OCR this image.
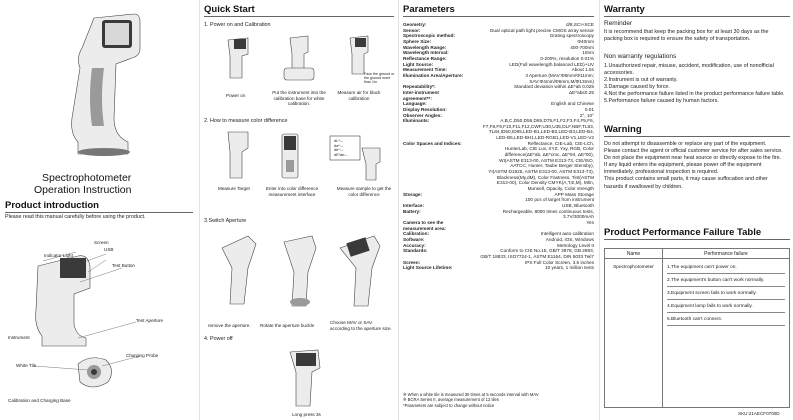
Spectrophotometer
Operation Instruction
Product introduction
Please read this manual carefully before using the product.
Indicator Light
Screen
USB
Test Button
Test Aperture
Instrument
White Tile
Charging Probe
Calibration and Charging Base
Quick Start
1. Power on and Calibration
Power on
Put the instrument into the calibration base for white calibration.
Measure air for black calibration
Face the ground or the ground more than 1m
2. How to measure color difference
dL*:--
da*:--
db*:--
dE*ab:--
Measure Target	Enter into color difference measurement interface
Measure sample to get the color difference
3.Switch Aperture
remove the aperture. Rotate the aperture buckle
Choose MAV or SAV according to the aperture size.
4. Power off
Long press 3s
Parameters
Geometry:	d/8,SCI+SCE
Sensor:	Dual optical path light precise CMOS array sensor
Spectroscopic method:	Grating spectroscopy
Sphere Size:	Φ40mm
Wavelength Range:	400-700nm
Wavelength Interval:	10nm
Reflectance Range:	0-200%, resolution 0.01%
Light Source:	LED(Full wavelength balanced LED)+UV
Measurement Time:	About 1.5s
Illumination Area/Aperture:	3 Aperture (MAV:Φ8mm/Φ11mm;
SAV:Φ4mm/Φ6mm,M/Φ13mm)
Repeatability*:	Standard deviation within ΔE*ab 0.025
Inter-instrument agreement**:
ΔE*ab≤0.25
Language:	English and Chinese
Display Resolution:	0.01
Observer Angles:	2°, 10°
Illuminants:	A,B,C,D50,D55,D65,D75,F1,F2,F3,F4,F5,F6,
F7,F8,F9,F10,F11,F12,CWF,U30,U35,DLF,NBF,TL83,
TL84,ID50,ID65,LED-B1,LED-B2,LED-B3,LED-B4,
LED-B5,LED-BH1,LED-RGB1,LED-V1,LED-V2
Color Spaces and Indices:	Reflectance, CIE-Lab, CIE-LCh,
HunterLab, CIE Luv, XYZ, Yxy, RGB, Color
difference(ΔE*ab, ΔE*cmc, ΔE*94, ΔE*00),
WI(ASTM E313-00, ASTM E313-73, CIE/ISO,
AATCC, Hunter, Taube Berger Stensby),
YI(ASTM D1925, ASTM E313-00, ASTM E313-73),
Blackness(My,dM), Color Fastness, Tint(ASTM
E313-00), Color Density CMYK(A,T,E,M), Mlm,
Munsell, Opacity, Color strength
Storage:	APP Mass Storage
100 pcs of target from instrument
Interface:	USB, Bluetooth
Battery:	Rechargeable, 8000 times continuous tests,
3.7V/3000mAh
Camera to see the	Yes
measurement area:
Calibration:	Intelligent auto calibration
Software:	Android, iOS, Windows
Accuracy:	Metrology Level II
Standards:	Conform to CIE No.15, GB/T 3978, GB 2893,
GB/T 18833, ISO7724-1, ASTM E1164, DIN 5033 Teil7
Screen:	IPS Full Color Screen, 3.5 inches
Light Source Lifetime:	10 years, 1 million tests
※ When a white tile is measured 30 times at 5 seconds interval with MAV
※ BCRA Series II, average measurement of 12 tiles
*Parameters are subject to change without notice
Warranty
Reminder
It is recommend that keep the packing box for at least 30 days as the packing box is required to ensure the safety of transportation.
Non warranty regulations
1.Unauthorized repair, misuse, accident, modification, use of nonofficial accessories.
2.Instrument is out of warranty.
3.Damage caused by force.
4.Not the performance failure listed in the product performance failure table.
5.Performance failure caused by human factors.
Warning
Do not attempt to disassemble or replace any part of the equipment.
Please contact the agent or official customer service for after sales service.
Do not place the equipment near heat source or directly expose to the fire.
If any liquid enters the equipment, please power off the equipment immediately, professional inspection is required.
This product contains small parts, it may cause suffocation and other hazards if swallowed by children.
Product Performance Failure Table
Name	Performance failure
Spectrophotometer	1.The equipment can't power on.
2.The equipment's button can't work normally.
3.Equipment screen fails to work normally.
4.Equipment lamp fails to work normally.
5.Bluetooth can't connect.
SKU:21AECF0700D
